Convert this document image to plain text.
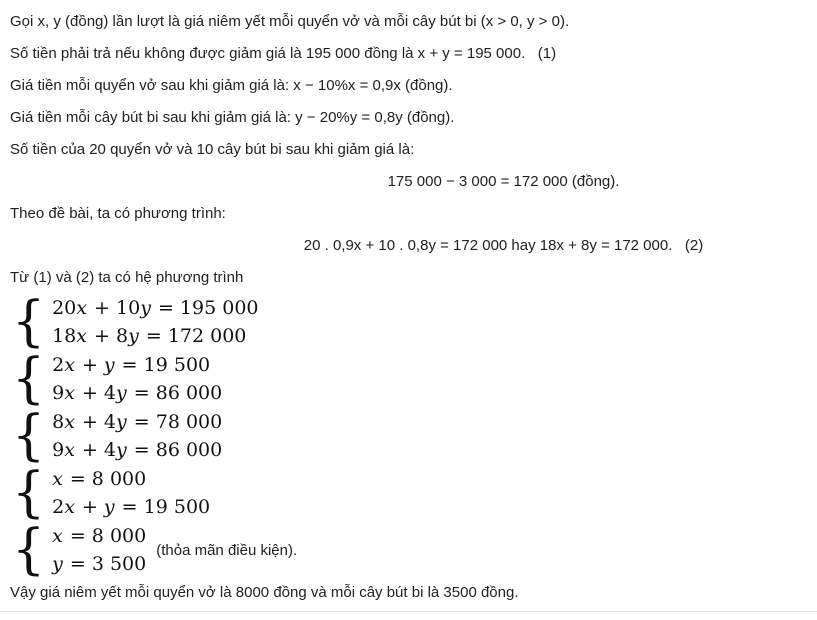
Gọi x, y (đồng) lần lượt là giá niêm yết mỗi quyển vở và mỗi cây bút bi (x > 0, y > 0).
Số tiền phải trả nếu không được giảm giá là 195 000 đồng là x + y = 195 000.   (1)
Giá tiền mỗi quyển vở sau khi giảm giá là: x − 10%x = 0,9x (đồng).
Giá tiền mỗi cây bút bi sau khi giảm giá là: y − 20%y = 0,8y (đồng).
Số tiền của 20 quyển vở và 10 cây bút bi sau khi giảm giá là:
175 000 − 3 000 = 172 000 (đồng).
Theo đề bài, ta có phương trình:
20 . 0,9x + 10 . 0,8y = 172 000 hay 18x + 8y = 172 000.   (2)
Từ (1) và (2) ta có hệ phương trình
{ 20x + 10y = 195 000
18x + 8y = 172 000
{ 2x + y = 19 500
9x + 4y = 86 000
{ 8x + 4y = 78 000
9x + 4y = 86 000
{ x = 8 000
2x + y = 19 500
{ x = 8 000
y = 3 500
(thỏa mãn điều kiện).
Vậy giá niêm yết mỗi quyển vở là 8000 đồng và mỗi cây bút bi là 3500 đồng.
